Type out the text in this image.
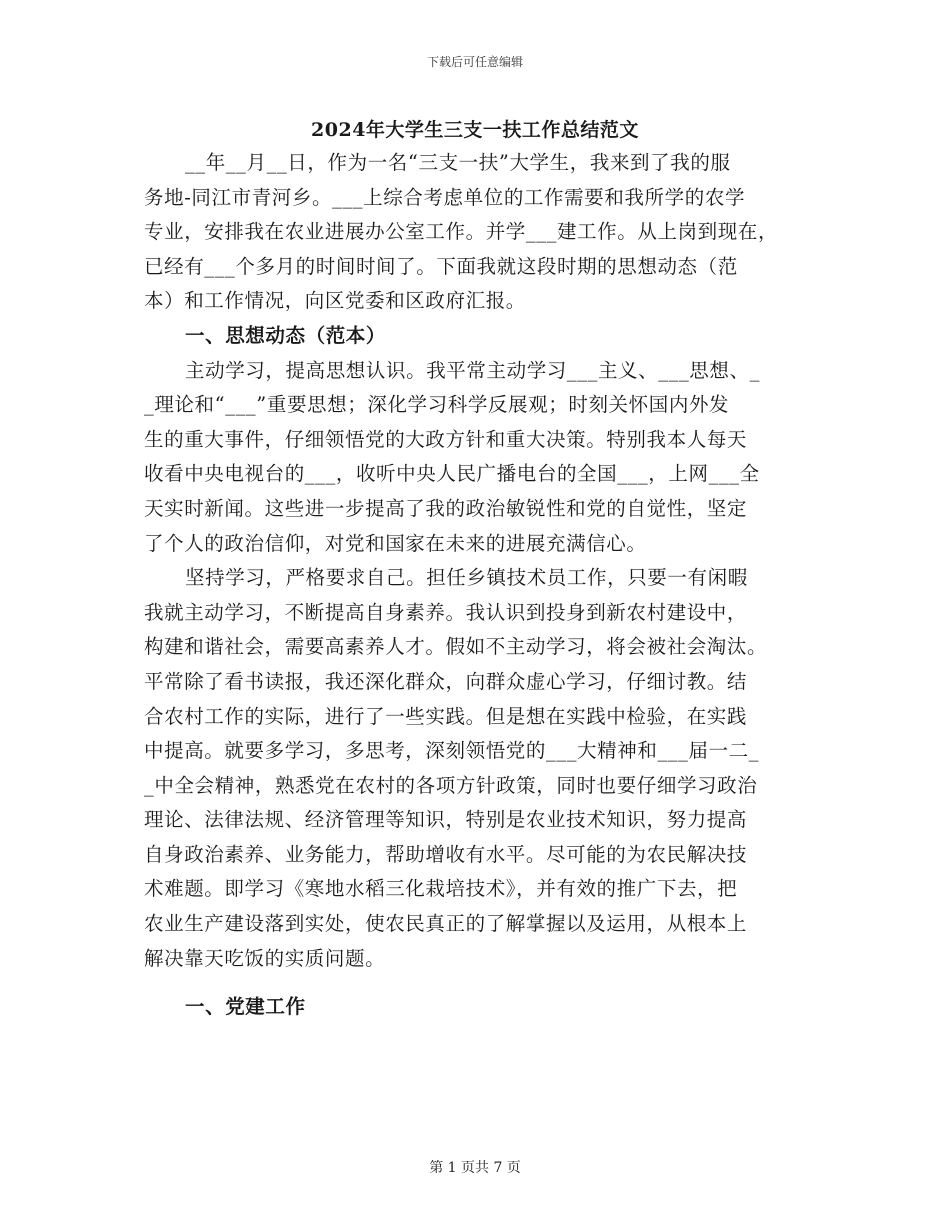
下载后可任意编辑
2024年大学生三支一扶工作总结范文
__年__月__日，作为一名“三支一扶”大学生，我来到了我的服
务地-同江市青河乡。___上综合考虑单位的工作需要和我所学的农学
专业，安排我在农业进展办公室工作。并学___建工作。从上岗到现在，
已经有___个多月的时间时间了。下面我就这段时期的思想动态（范
本）和工作情况，向区党委和区政府汇报。
一、思想动态（范本）
主动学习，提高思想认识。我平常主动学习___主义、___思想、_
_理论和“___”重要思想；深化学习科学反展观；时刻关怀国内外发
生的重大事件，仔细领悟党的大政方针和重大决策。特别我本人每天
收看中央电视台的___，收听中央人民广播电台的全国___，上网___全
天实时新闻。这些进一步提高了我的政治敏锐性和党的自觉性，坚定
了个人的政治信仰，对党和国家在未来的进展充满信心。
坚持学习，严格要求自己。担任乡镇技术员工作，只要一有闲暇
我就主动学习，不断提高自身素养。我认识到投身到新农村建设中，
构建和谐社会，需要高素养人才。假如不主动学习，将会被社会淘汰。
平常除了看书读报，我还深化群众，向群众虚心学习，仔细讨教。结
合农村工作的实际，进行了一些实践。但是想在实践中检验，在实践
中提高。就要多学习，多思考，深刻领悟党的___大精神和___届一二_
_中全会精神，熟悉党在农村的各项方针政策，同时也要仔细学习政治
理论、法律法规、经济管理等知识，特别是农业技术知识，努力提高
自身政治素养、业务能力，帮助增收有水平。尽可能的为农民解决技
术难题。即学习《寒地水稻三化栽培技术》，并有效的推广下去，把
农业生产建设落到实处，使农民真正的了解掌握以及运用，从根本上
解决靠天吃饭的实质问题。
一、党建工作
第 1 页共 7 页
